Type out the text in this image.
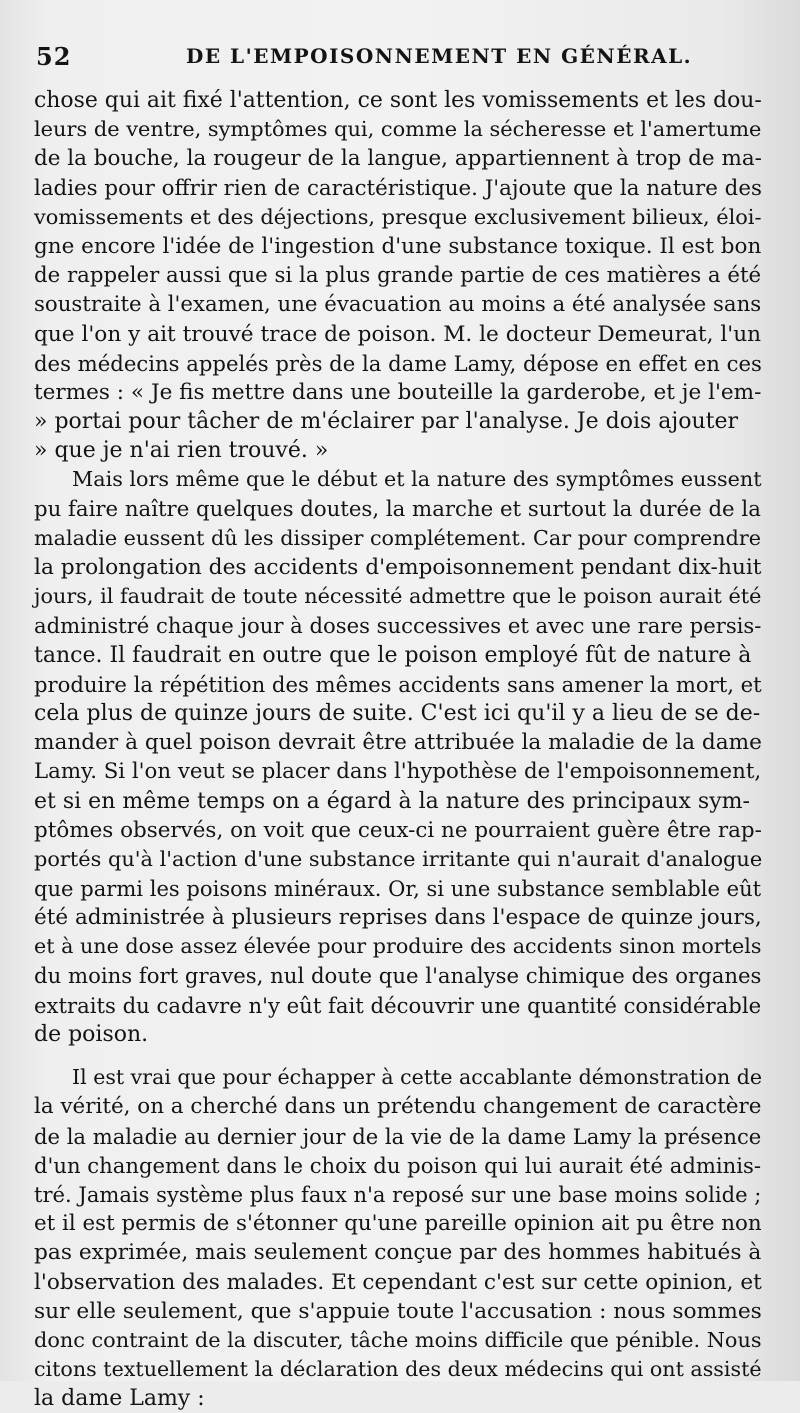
52	DE L'EMPOISONNEMENT EN GÉNÉRAL.
chose qui ait fixé l'attention, ce sont les vomissements et les dou-
leurs de ventre, symptômes qui, comme la sécheresse et l'amertume
de la bouche, la rougeur de la langue, appartiennent à trop de ma-
ladies pour offrir rien de caractéristique. J'ajoute que la nature des
vomissements et des déjections, presque exclusivement bilieux, éloi-
gne encore l'idée de l'ingestion d'une substance toxique. Il est bon
de rappeler aussi que si la plus grande partie de ces matières a été
soustraite à l'examen, une évacuation au moins a été analysée sans
que l'on y ait trouvé trace de poison. M. le docteur Demeurat, l'un
des médecins appelés près de la dame Lamy, dépose en effet en ces
termes : « Je fis mettre dans une bouteille la garderobe, et je l'em-
» portai pour tâcher de m'éclairer par l'analyse. Je dois ajouter
» que je n'ai rien trouvé. »
Mais lors même que le début et la nature des symptômes eussent
pu faire naître quelques doutes, la marche et surtout la durée de la
maladie eussent dû les dissiper complétement. Car pour comprendre
la prolongation des accidents d'empoisonnement pendant dix-huit
jours, il faudrait de toute nécessité admettre que le poison aurait été
administré chaque jour à doses successives et avec une rare persis-
tance. Il faudrait en outre que le poison employé fût de nature à
produire la répétition des mêmes accidents sans amener la mort, et
cela plus de quinze jours de suite. C'est ici qu'il y a lieu de se de-
mander à quel poison devrait être attribuée la maladie de la dame
Lamy. Si l'on veut se placer dans l'hypothèse de l'empoisonnement,
et si en même temps on a égard à la nature des principaux sym-
ptômes observés, on voit que ceux-ci ne pourraient guère être rap-
portés qu'à l'action d'une substance irritante qui n'aurait d'analogue
que parmi les poisons minéraux. Or, si une substance semblable eût
été administrée à plusieurs reprises dans l'espace de quinze jours,
et à une dose assez élevée pour produire des accidents sinon mortels
du moins fort graves, nul doute que l'analyse chimique des organes
extraits du cadavre n'y eût fait découvrir une quantité considérable
de poison.
Il est vrai que pour échapper à cette accablante démonstration de
la vérité, on a cherché dans un prétendu changement de caractère
de la maladie au dernier jour de la vie de la dame Lamy la présence
d'un changement dans le choix du poison qui lui aurait été adminis-
tré. Jamais système plus faux n'a reposé sur une base moins solide ;
et il est permis de s'étonner qu'une pareille opinion ait pu être non
pas exprimée, mais seulement conçue par des hommes habitués à
l'observation des malades. Et cependant c'est sur cette opinion, et
sur elle seulement, que s'appuie toute l'accusation : nous sommes
donc contraint de la discuter, tâche moins difficile que pénible. Nous
citons textuellement la déclaration des deux médecins qui ont assisté
la dame Lamy :
